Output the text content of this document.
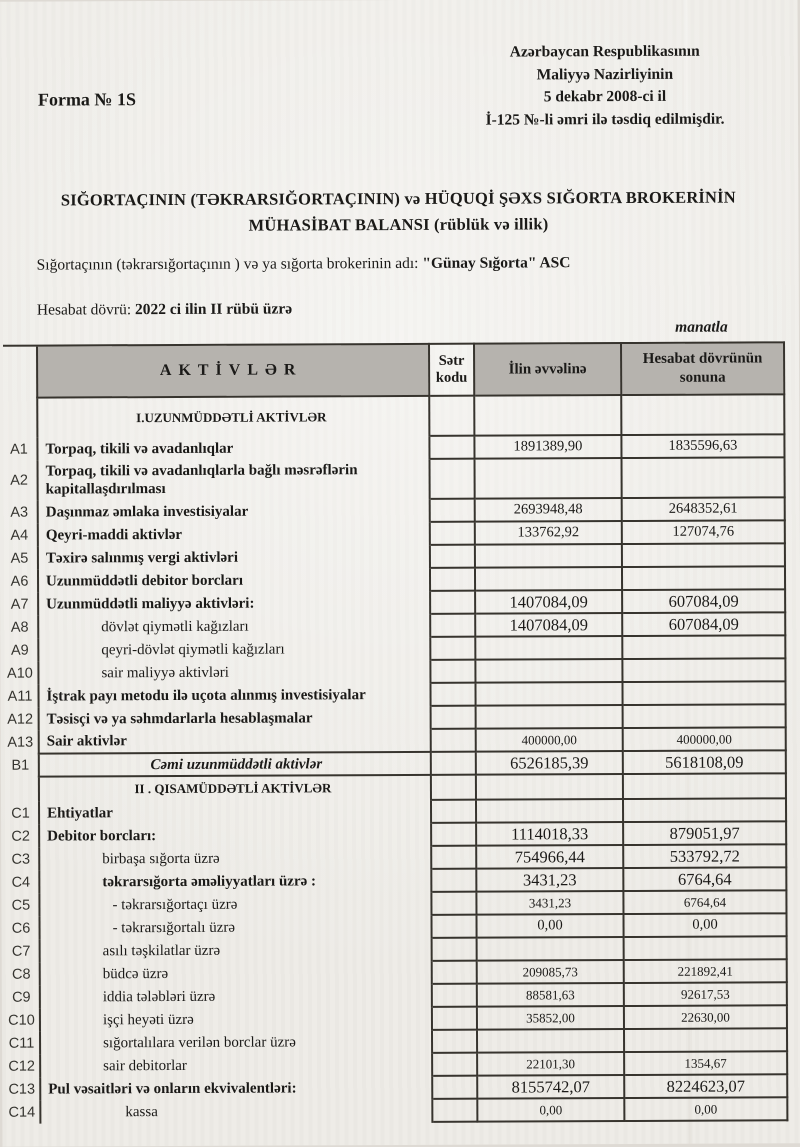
Forma № 1S
Azərbaycan Respublikasının
Maliyyə Nazirliyinin
5 dekabr 2008-ci il
İ-125 №-li əmri ilə təsdiq edilmişdir.
SIĞORTAÇININ (TƏKRARSIĞORTAÇININ) və HÜQUQİ ŞƏXS SIĞORTA BROKERİNİN
MÜHASİBAT BALANSI (rüblük və illik)
Sığortaçının (təkrarsığortaçının ) və ya sığorta brokerinin adı: "Günay Sığorta" ASC
Hesabat dövrü: 2022 ci ilin II rübü üzrə
manatla
	AKTİVLƏR	Sətr kodu	İlin əvvəlinə	Hesabat dövrünün sonuna
	I.UZUNMÜDDƏTLİ AKTİVLƏR			
A1	Torpaq, tikili və avadanlıqlar		1891389,90	1835596,63
A2	Torpaq, tikili və avadanlıqlarla bağlı məsrəflərin kapitallaşdırılması			
A3	Daşınmaz əmlaka investisiyalar		2693948,48	2648352,61
A4	Qeyri-maddi aktivlər		133762,92	127074,76
A5	Təxirə salınmış vergi aktivləri			
A6	Uzunmüddətli debitor borcları			
A7	Uzunmüddətli maliyyə aktivləri:		1407084,09	607084,09
A8	dövlət qiymətli kağızları		1407084,09	607084,09
A9	qeyri-dövlət qiymətli kağızları			
A10	sair maliyyə aktivləri			
A11	İştrak payı metodu ilə uçota alınmış investisiyalar			
A12	Təsisçi və ya səhmdarlarla hesablaşmalar			
A13	Sair aktivlər		400000,00	400000,00
B1	Cəmi uzunmüddətli aktivlər		6526185,39	5618108,09
	II . QISAMÜDDƏTLİ AKTİVLƏR			
C1	Ehtiyatlar			
C2	Debitor borcları:		1114018,33	879051,97
C3	birbaşa sığorta üzrə		754966,44	533792,72
C4	təkrarsığorta əməliyyatları üzrə :		3431,23	6764,64
C5	- təkrarsığortaçı üzrə		3431,23	6764,64
C6	- təkrarsığortalı üzrə		0,00	0,00
C7	asılı təşkilatlar üzrə			
C8	büdcə üzrə		209085,73	221892,41
C9	iddia tələbləri üzrə		88581,63	92617,53
C10	işçi heyəti üzrə		35852,00	22630,00
C11	sığortalılara verilən borclar üzrə			
C12	sair debitorlar		22101,30	1354,67
C13	Pul vəsaitləri və onların ekvivalentləri:		8155742,07	8224623,07
C14	kassa		0,00	0,00
